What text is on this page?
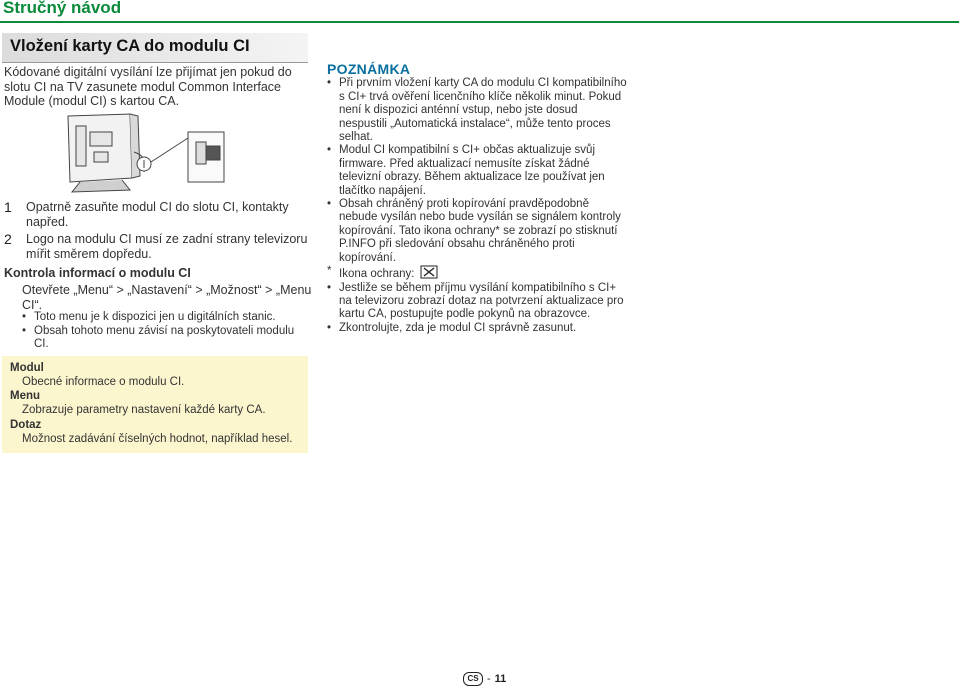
Stručný návod
Vložení karty CA do modulu CI
Kódované digitální vysílání lze přijímat jen pokud do slotu CI na TV zasunete modul Common Interface Module (modul CI) s kartou CA.
1	Opatrně zasuňte modul CI do slotu CI, kontakty napřed.
2	Logo na modulu CI musí ze zadní strany televizoru mířit směrem dopředu.
Kontrola informací o modulu CI
Otevřete „Menu“ > „Nastavení“ > „Možnost“ > „Menu CI“.
• Toto menu je k dispozici jen u digitálních stanic.
• Obsah tohoto menu závisí na poskytovateli modulu CI.
Modul
Obecné informace o modulu CI.
Menu
Zobrazuje parametry nastavení každé karty CA.
Dotaz
Možnost zadávání číselných hodnot, například hesel.
POZNÁMKA
• Při prvním vložení karty CA do modulu CI kompatibilního s CI+ trvá ověření licenčního klíče několik minut. Pokud není k dispozici anténní vstup, nebo jste dosud nespustili „Automatická instalace“, může tento proces selhat.
• Modul CI kompatibilní s CI+ občas aktualizuje svůj firmware. Před aktualizací nemusíte získat žádné televizní obrazy. Během aktualizace lze používat jen tlačítko napájení.
• Obsah chráněný proti kopírování pravděpodobně nebude vysílán nebo bude vysílán se signálem kontroly kopírování. Tato ikona ochrany* se zobrazí po stisknutí P.INFO při sledování obsahu chráněného proti kopírování.
* Ikona ochrany:
• Jestliže se během příjmu vysílání kompatibilního s CI+ na televizoru zobrazí dotaz na potvrzení aktualizace pro kartu CA, postupujte podle pokynů na obrazovce.
• Zkontrolujte, zda je modul CI správně zasunut.
CS - 11
